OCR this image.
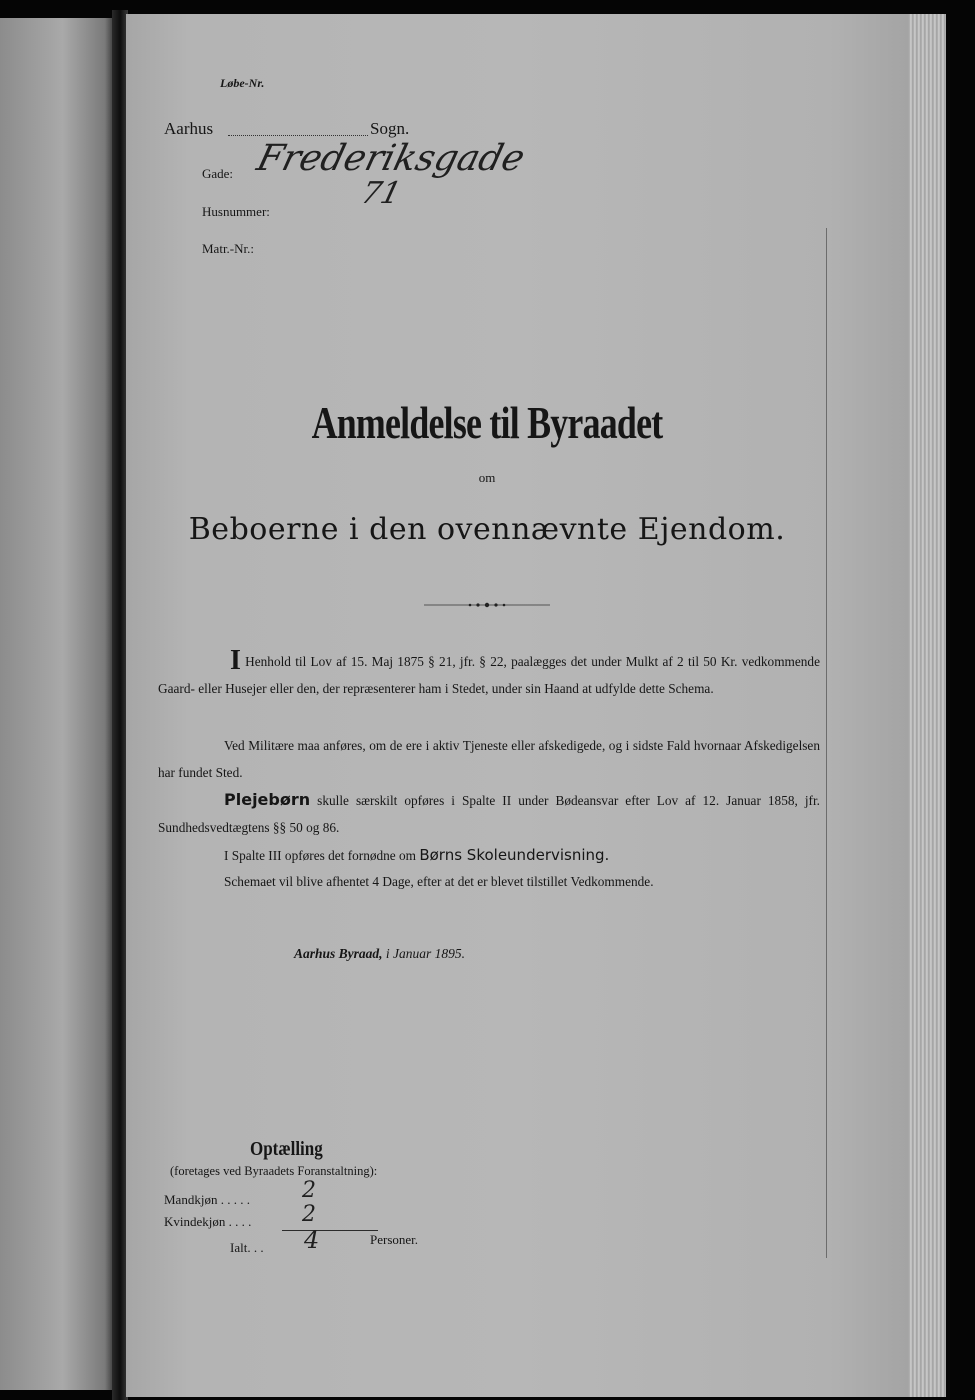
Løbe-Nr.
Aarhus	Sogn.
Gade: Frederiksgade
Husnummer:
71
Matr.-Nr.:
Anmeldelse til Byraadet
om
Beboerne i den ovennævnte Ejendom.
I Henhold til Lov af 15. Maj 1875 § 21, jfr. § 22, paalægges det under Mulkt af 2 til 50 Kr. vedkommende Gaard- eller Husejer eller den, der repræsenterer ham i Stedet, under sin Haand at udfylde dette Schema.
Ved Militære maa anføres, om de ere i aktiv Tjeneste eller afskedigede, og i sidste Fald hvornaar Afskedigelsen har fundet Sted.
Plejebørn skulle særskilt opføres i Spalte II under Bødeansvar efter Lov af 12. Januar 1858, jfr. Sundhedsvedtægtens §§ 50 og 86.
I Spalte III opføres det fornødne om Børns Skoleundervisning.
Schemaet vil blive afhentet 4 Dage, efter at det er blevet tilstillet Vedkommende.
Aarhus Byraad, i Januar 1895.
Optælling
(foretages ved Byraadets Foranstaltning):
Mandkjøn . . . . . 2
Kvindekjøn . . . . 2
Ialt. . . 4	Personer.
